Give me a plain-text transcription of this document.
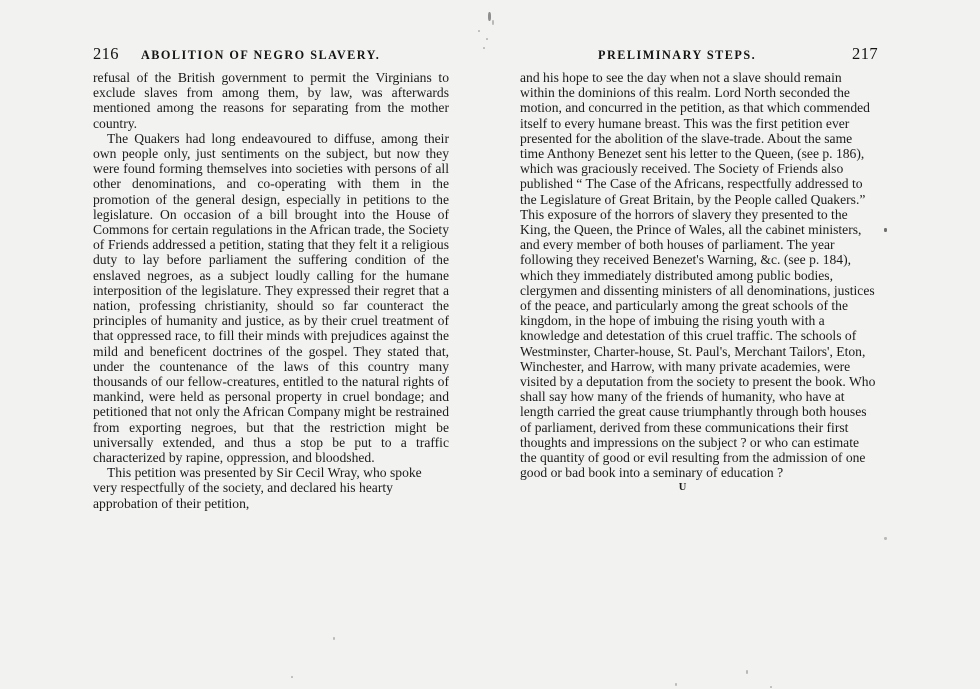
216 ABOLITION OF NEGRO SLAVERY.

refusal of the British government to permit the Virginians to exclude slaves from among them, by law, was afterwards mentioned among the reasons for separating from the mother country.

The Quakers had long endeavoured to diffuse, among their own people only, just sentiments on the subject, but now they were found forming themselves into societies with persons of all other denominations, and co-operating with them in the promotion of the general design, especially in petitions to the legislature. On occasion of a bill brought into the House of Commons for certain regulations in the African trade, the Society of Friends addressed a petition, stating that they felt it a religious duty to lay before parliament the suffering condition of the enslaved negroes, as a subject loudly calling for the humane interposition of the legislature. They expressed their regret that a nation, professing christianity, should so far counteract the principles of humanity and justice, as by their cruel treatment of that oppressed race, to fill their minds with prejudices against the mild and beneficent doctrines of the gospel. They stated that, under the countenance of the laws of this country many thousands of our fellow-creatures, entitled to the natural rights of mankind, were held as personal property in cruel bondage; and petitioned that not only the African Company might be restrained from exporting negroes, but that the restriction might be universally extended, and thus a stop be put to a traffic characterized by rapine, oppression, and bloodshed.

This petition was presented by Sir Cecil Wray, who spoke very respectfully of the society, and declared his hearty approbation of their petition,

PRELIMINARY STEPS.	217

and his hope to see the day when not a slave should remain within the dominions of this realm. Lord North seconded the motion, and concurred in the petition, as that which commended itself to every humane breast. This was the first petition ever presented for the abolition of the slave-trade. About the same time Anthony Benezet sent his letter to the Queen, (see p. 186), which was graciously received. The Society of Friends also published “ The Case of the Africans, respectfully addressed to the Legislature of Great Britain, by the People called Quakers.” This exposure of the horrors of slavery they presented to the King, the Queen, the Prince of Wales, all the cabinet ministers, and every member of both houses of parliament. The year following they received Benezet's Warning, &c. (see p. 184), which they immediately distributed among public bodies, clergymen and dissenting ministers of all denominations, justices of the peace, and particularly among the great schools of the kingdom, in the hope of imbuing the rising youth with a knowledge and detestation of this cruel traffic. The schools of Westminster, Charter-house, St. Paul's, Merchant Tailors', Eton, Winchester, and Harrow, with many private academies, were visited by a deputation from the society to present the book. Who shall say how many of the friends of humanity, who have at length carried the great cause triumphantly through both houses of parliament, derived from these communications their first thoughts and impressions on the subject ? or who can estimate the quantity of good or evil resulting from the admission of one good or bad book into a seminary of education ?

U
